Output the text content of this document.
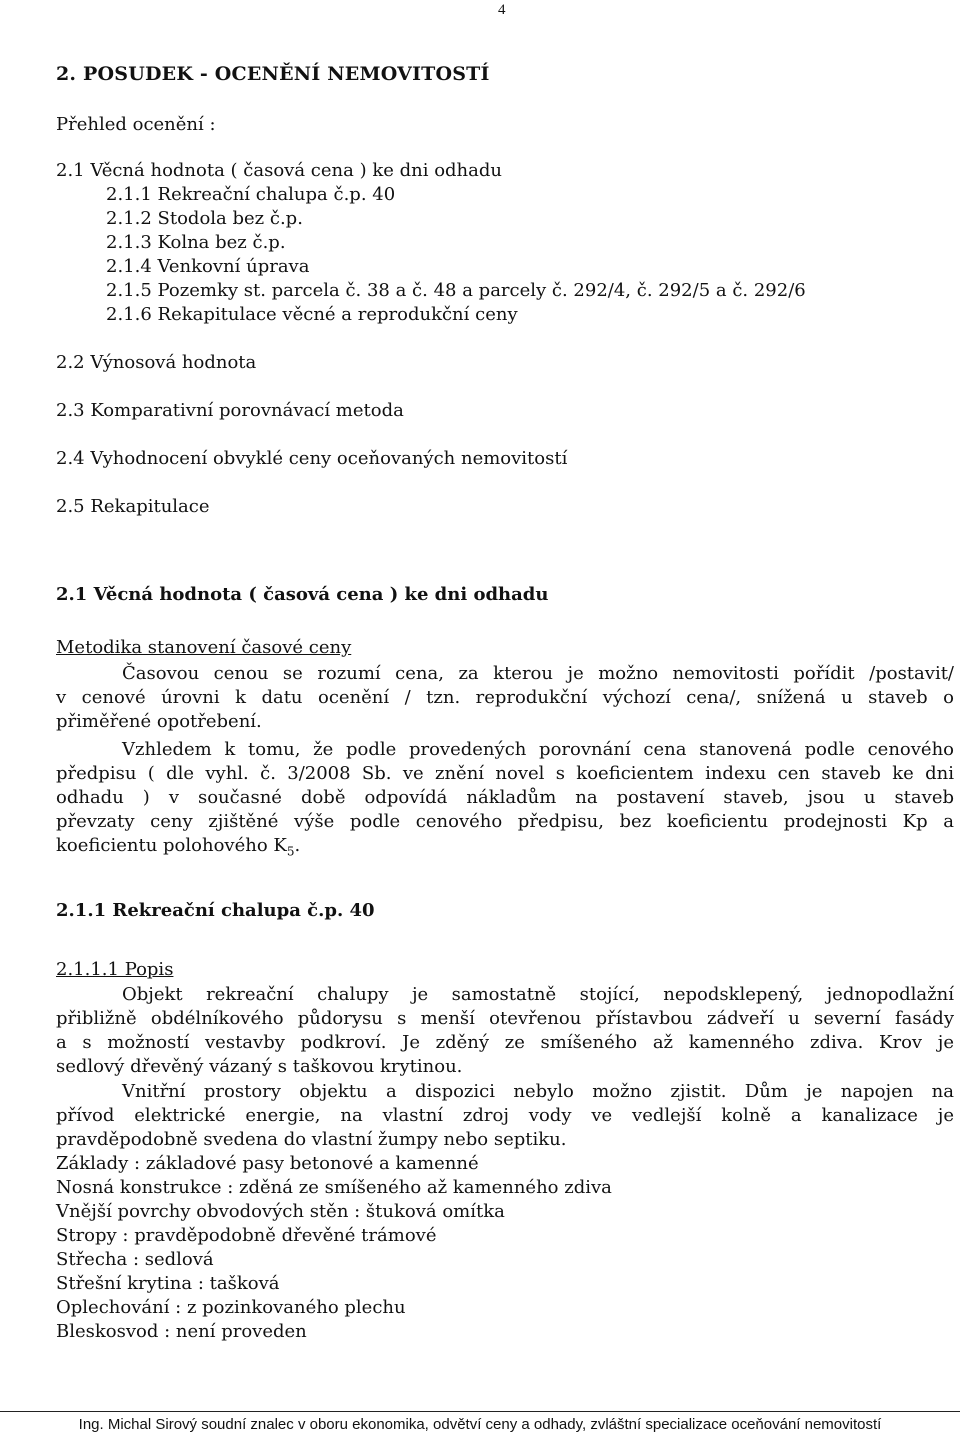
4
2. POSUDEK - OCENĚNÍ NEMOVITOSTÍ
Přehled ocenění :
2.1 Věcná hodnota ( časová cena ) ke dni odhadu
2.1.1 Rekreační chalupa č.p. 40
2.1.2 Stodola bez č.p.
2.1.3 Kolna bez č.p.
2.1.4 Venkovní úprava
2.1.5 Pozemky st. parcela č. 38 a č. 48 a parcely č. 292/4, č. 292/5 a č. 292/6
2.1.6 Rekapitulace věcné a reprodukční ceny
2.2 Výnosová hodnota
2.3 Komparativní porovnávací metoda
2.4 Vyhodnocení obvyklé ceny oceňovaných nemovitostí
2.5 Rekapitulace
2.1 Věcná hodnota ( časová cena ) ke dni odhadu
Metodika stanovení časové ceny
Časovou cenou se rozumí cena, za kterou je možno nemovitosti pořídit /postavit/
v cenové úrovni k datu ocenění / tzn. reprodukční výchozí cena/, snížená u staveb o
přiměřené opotřebení.
Vzhledem k tomu, že podle provedených porovnání cena stanovená podle cenového
předpisu ( dle vyhl. č. 3/2008 Sb. ve znění novel s koeficientem indexu cen staveb ke dni
odhadu ) v současné době odpovídá nákladům na postavení staveb, jsou u staveb
převzaty ceny zjištěné výše podle cenového předpisu, bez koeficientu prodejnosti Kp a
koeficientu polohového $K_5$.
2.1.1 Rekreační chalupa č.p. 40
2.1.1.1 Popis
Objekt rekreační chalupy je samostatně stojící, nepodsklepený, jednopodlažní
přibližně obdélníkového půdorysu s menší otevřenou přístavbou zádveří u severní fasády
a s možností vestavby podkroví. Je zděný ze smíšeného až kamenného zdiva. Krov je
sedlový dřevěný vázaný s taškovou krytinou.
Vnitřní prostory objektu a dispozici nebylo možno zjistit. Dům je napojen na
přívod elektrické energie, na vlastní zdroj vody ve vedlejší kolně a kanalizace je
pravděpodobně svedena do vlastní žumpy nebo septiku.
Základy : základové pasy betonové a kamenné
Nosná konstrukce : zděná ze smíšeného až kamenného zdiva
Vnější povrchy obvodových stěn : štuková omítka
Stropy : pravděpodobně dřevěné trámové
Střecha : sedlová
Střešní krytina : tašková
Oplechování : z pozinkovaného plechu
Bleskosvod : není proveden
Ing. Michal Sirový soudní znalec v oboru ekonomika, odvětví ceny a odhady, zvláštní specializace oceňování nemovitostí
